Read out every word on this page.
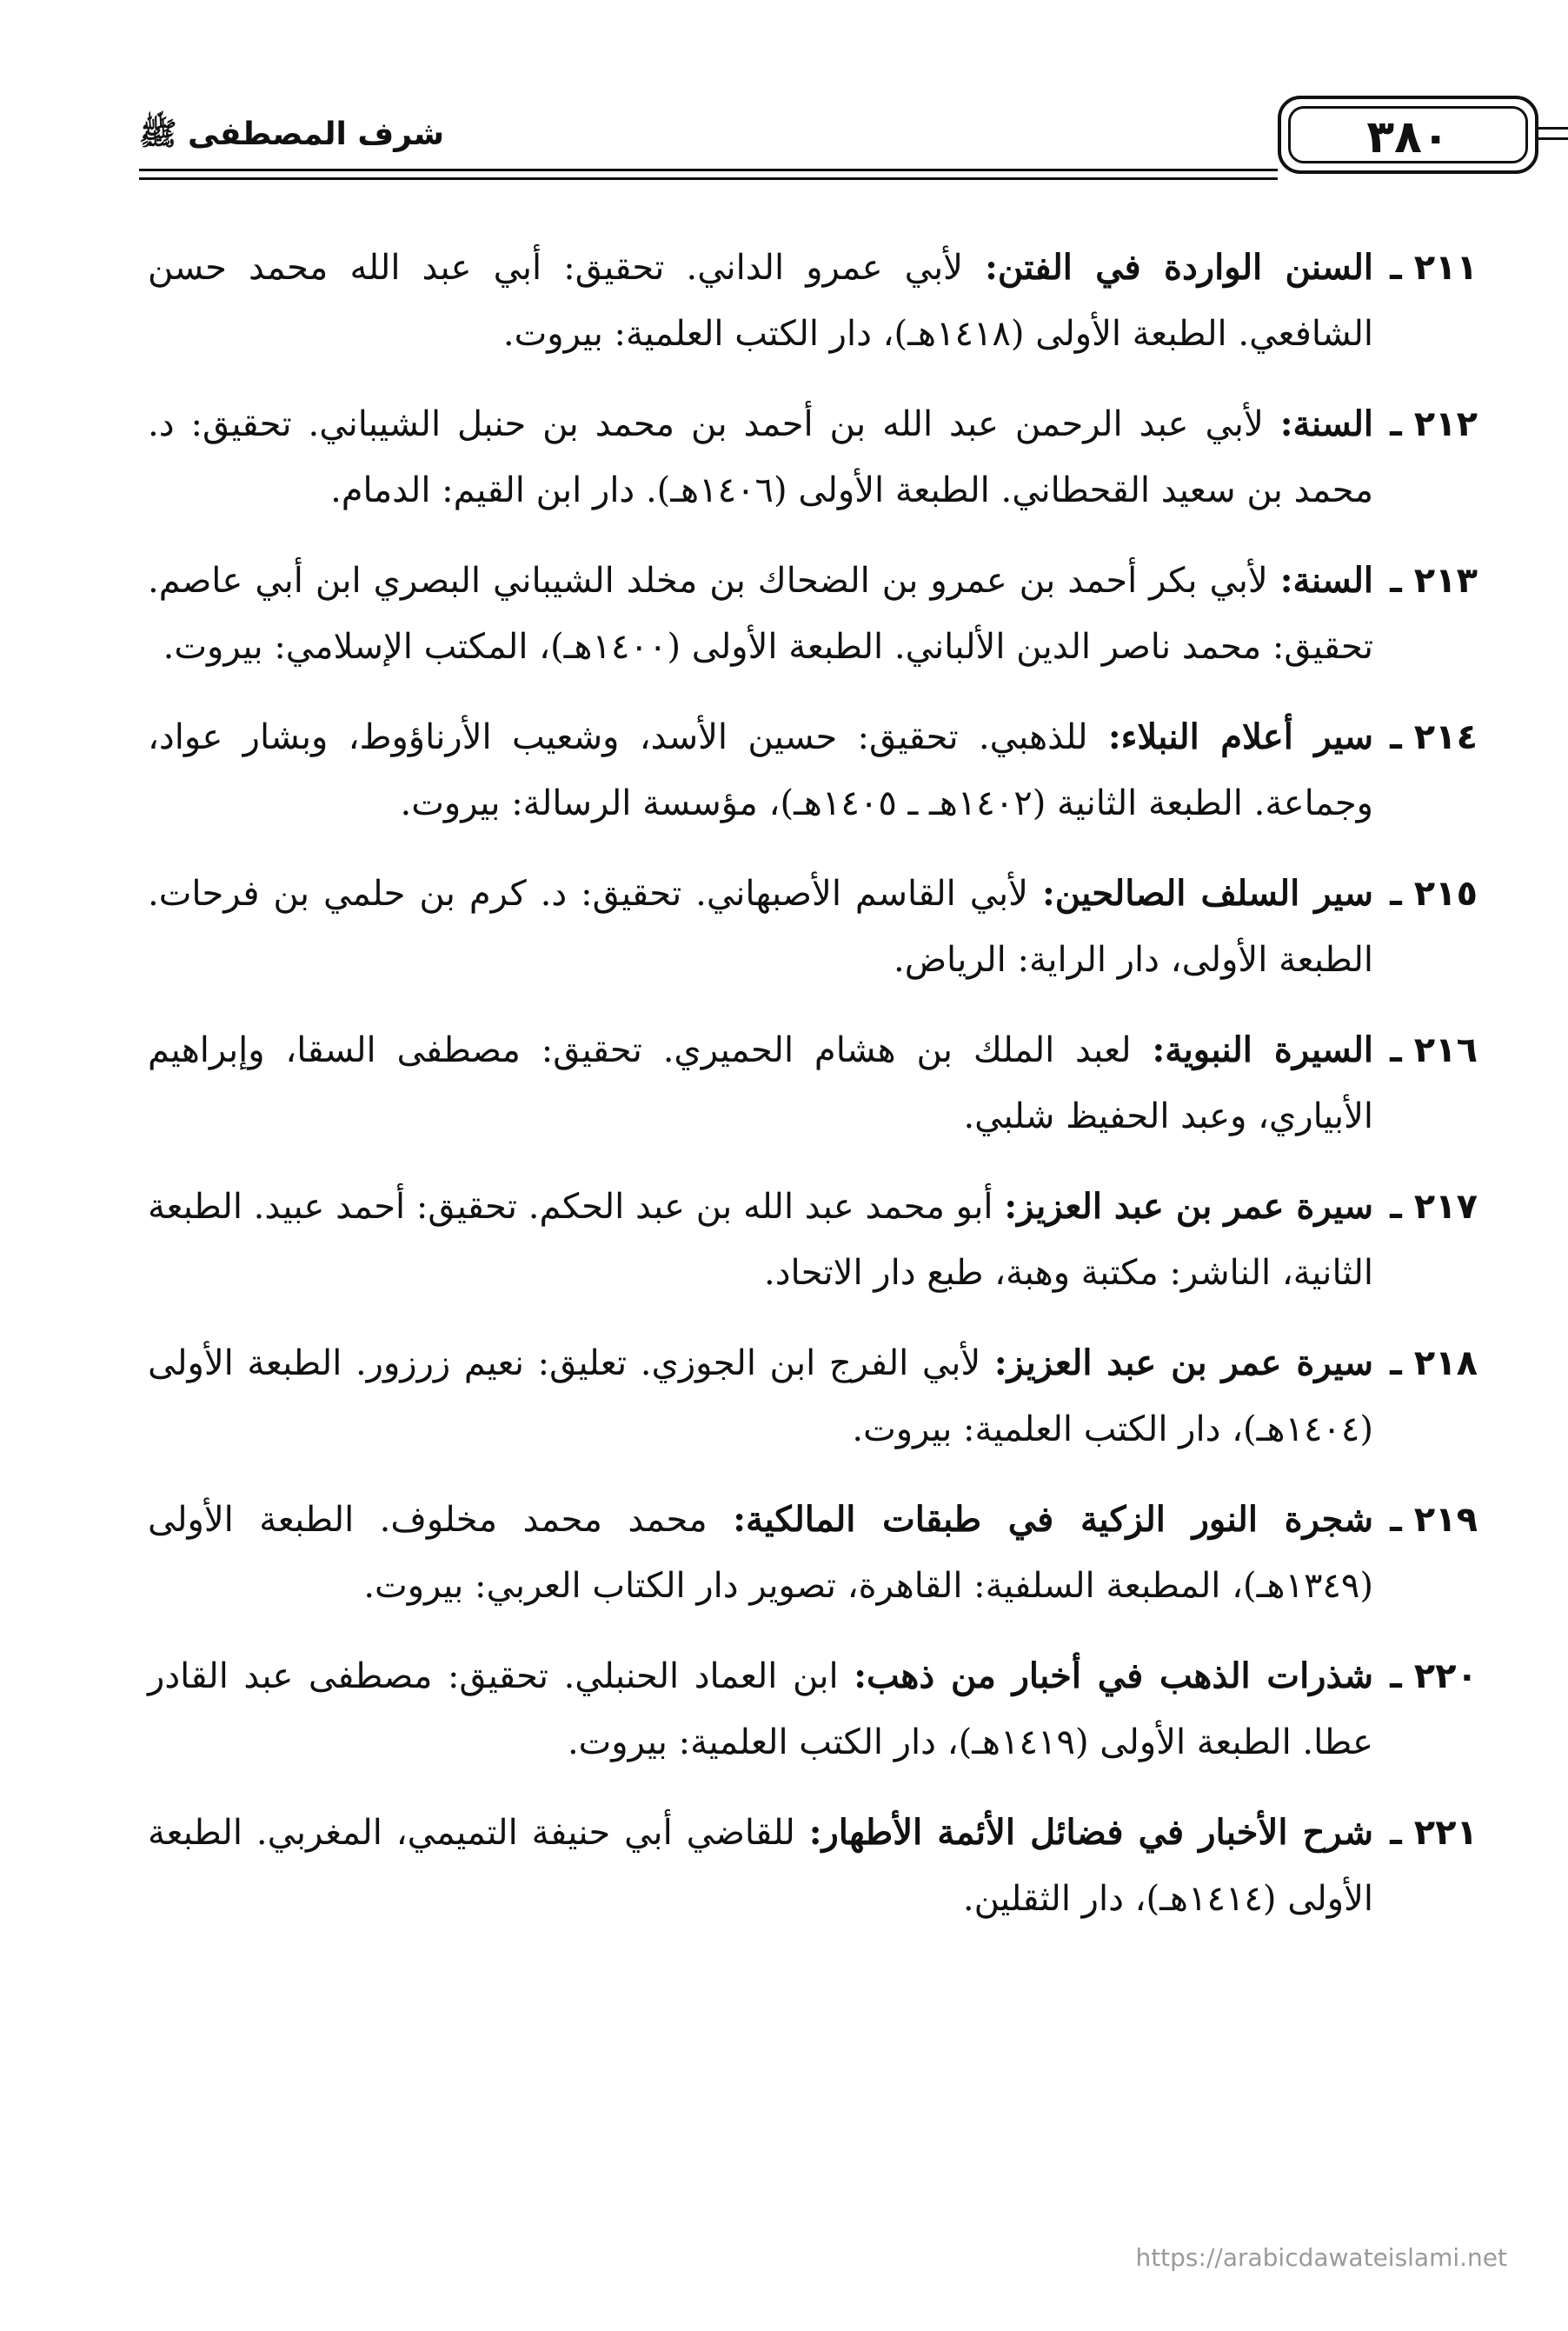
شرف المصطفى ﷺ	٣٨٠
٢١١ ـ
السنن الواردة في الفتن: لأبي عمرو الداني. تحقيق: أبي عبد الله محمد حسن الشافعي. الطبعة الأولى (١٤١٨هـ)، دار الكتب العلمية: بيروت.
٢١٢ ـ
السنة: لأبي عبد الرحمن عبد الله بن أحمد بن محمد بن حنبل الشيباني. تحقيق: د. محمد بن سعيد القحطاني. الطبعة الأولى (١٤٠٦هـ). دار ابن القيم: الدمام.
٢١٣ ـ
السنة: لأبي بكر أحمد بن عمرو بن الضحاك بن مخلد الشيباني البصري ابن أبي عاصم. تحقيق: محمد ناصر الدين الألباني. الطبعة الأولى (١٤٠٠هـ)، المكتب الإسلامي: بيروت.
٢١٤ ـ
سير أعلام النبلاء: للذهبي. تحقيق: حسين الأسد، وشعيب الأرناؤوط، وبشار عواد، وجماعة. الطبعة الثانية (١٤٠٢هـ ـ ١٤٠٥هـ)، مؤسسة الرسالة: بيروت.
٢١٥ ـ
سير السلف الصالحين: لأبي القاسم الأصبهاني. تحقيق: د. كرم بن حلمي بن فرحات. الطبعة الأولى، دار الراية: الرياض.
٢١٦ ـ
السيرة النبوية: لعبد الملك بن هشام الحميري. تحقيق: مصطفى السقا، وإبراهيم الأبياري، وعبد الحفيظ شلبي.
٢١٧ ـ
سيرة عمر بن عبد العزيز: أبو محمد عبد الله بن عبد الحكم. تحقيق: أحمد عبيد. الطبعة الثانية، الناشر: مكتبة وهبة، طبع دار الاتحاد.
٢١٨ ـ
سيرة عمر بن عبد العزيز: لأبي الفرج ابن الجوزي. تعليق: نعيم زرزور. الطبعة الأولى (١٤٠٤هـ)، دار الكتب العلمية: بيروت.
٢١٩ ـ
شجرة النور الزكية في طبقات المالكية: محمد محمد مخلوف. الطبعة الأولى (١٣٤٩هـ)، المطبعة السلفية: القاهرة، تصوير دار الكتاب العربي: بيروت.
٢٢٠ ـ
شذرات الذهب في أخبار من ذهب: ابن العماد الحنبلي. تحقيق: مصطفى عبد القادر عطا. الطبعة الأولى (١٤١٩هـ)، دار الكتب العلمية: بيروت.
٢٢١ ـ
شرح الأخبار في فضائل الأئمة الأطهار: للقاضي أبي حنيفة التميمي، المغربي. الطبعة الأولى (١٤١٤هـ)، دار الثقلين.
https://arabicdawateislami.net
